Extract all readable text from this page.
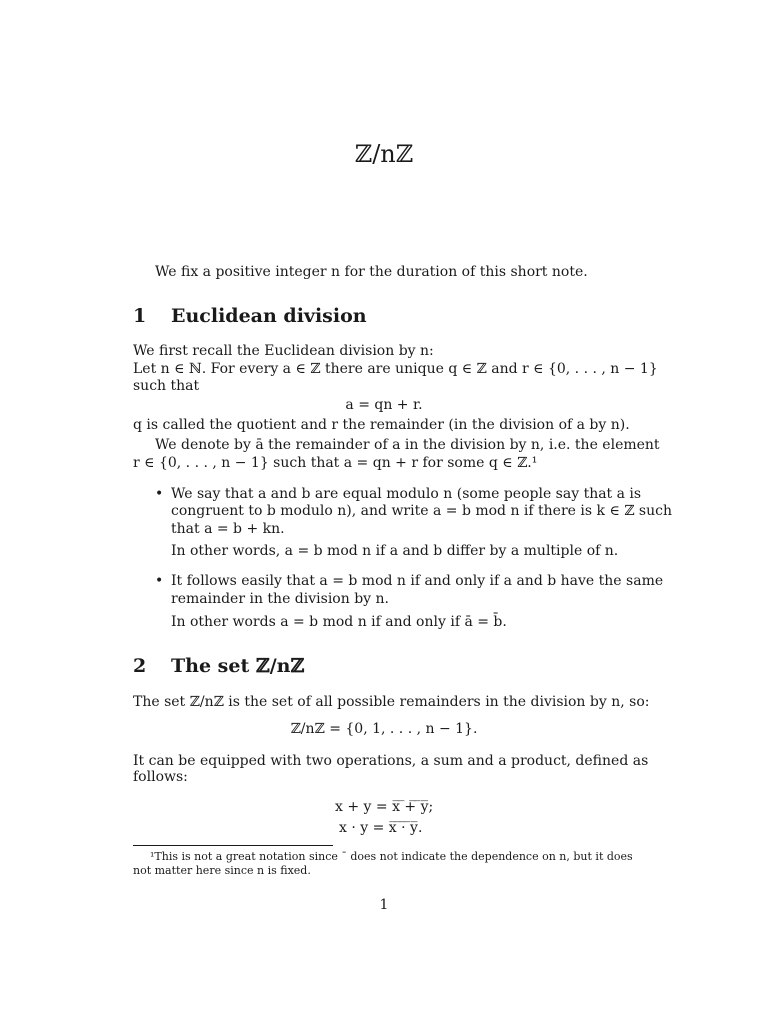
ℤ/nℤ
We fix a positive integer n for the duration of this short note.
1 Euclidean division
We first recall the Euclidean division by n:
Let n ∈ ℕ. For every a ∈ ℤ there are unique q ∈ ℤ and r ∈ {0, . . . , n − 1}
such that
a = qn + r.
q is called the quotient and r the remainder (in the division of a by n).
We denote by ā the remainder of a in the division by n, i.e. the element
r ∈ {0, . . . , n − 1} such that a = qn + r for some q ∈ ℤ.¹
• We say that a and b are equal modulo n (some people say that a is
congruent to b modulo n), and write a = b mod n if there is k ∈ ℤ such
that a = b + kn.
In other words, a = b mod n if a and b differ by a multiple of n.
• It follows easily that a = b mod n if and only if a and b have the same
remainder in the division by n.
In other words a = b mod n if and only if ā = b̄.
2 The set ℤ/nℤ
The set ℤ/nℤ is the set of all possible remainders in the division by n, so:
ℤ/nℤ = {0, 1, . . . , n − 1}.
It can be equipped with two operations, a sum and a product, defined as
follows:
x + y = x̅ ̅+̅ ̅y̅;
x · y = x̅ ̅·̅ ̅y̅.
¹This is not a great notation since ¯ does not indicate the dependence on n, but it does
not matter here since n is fixed.
1
